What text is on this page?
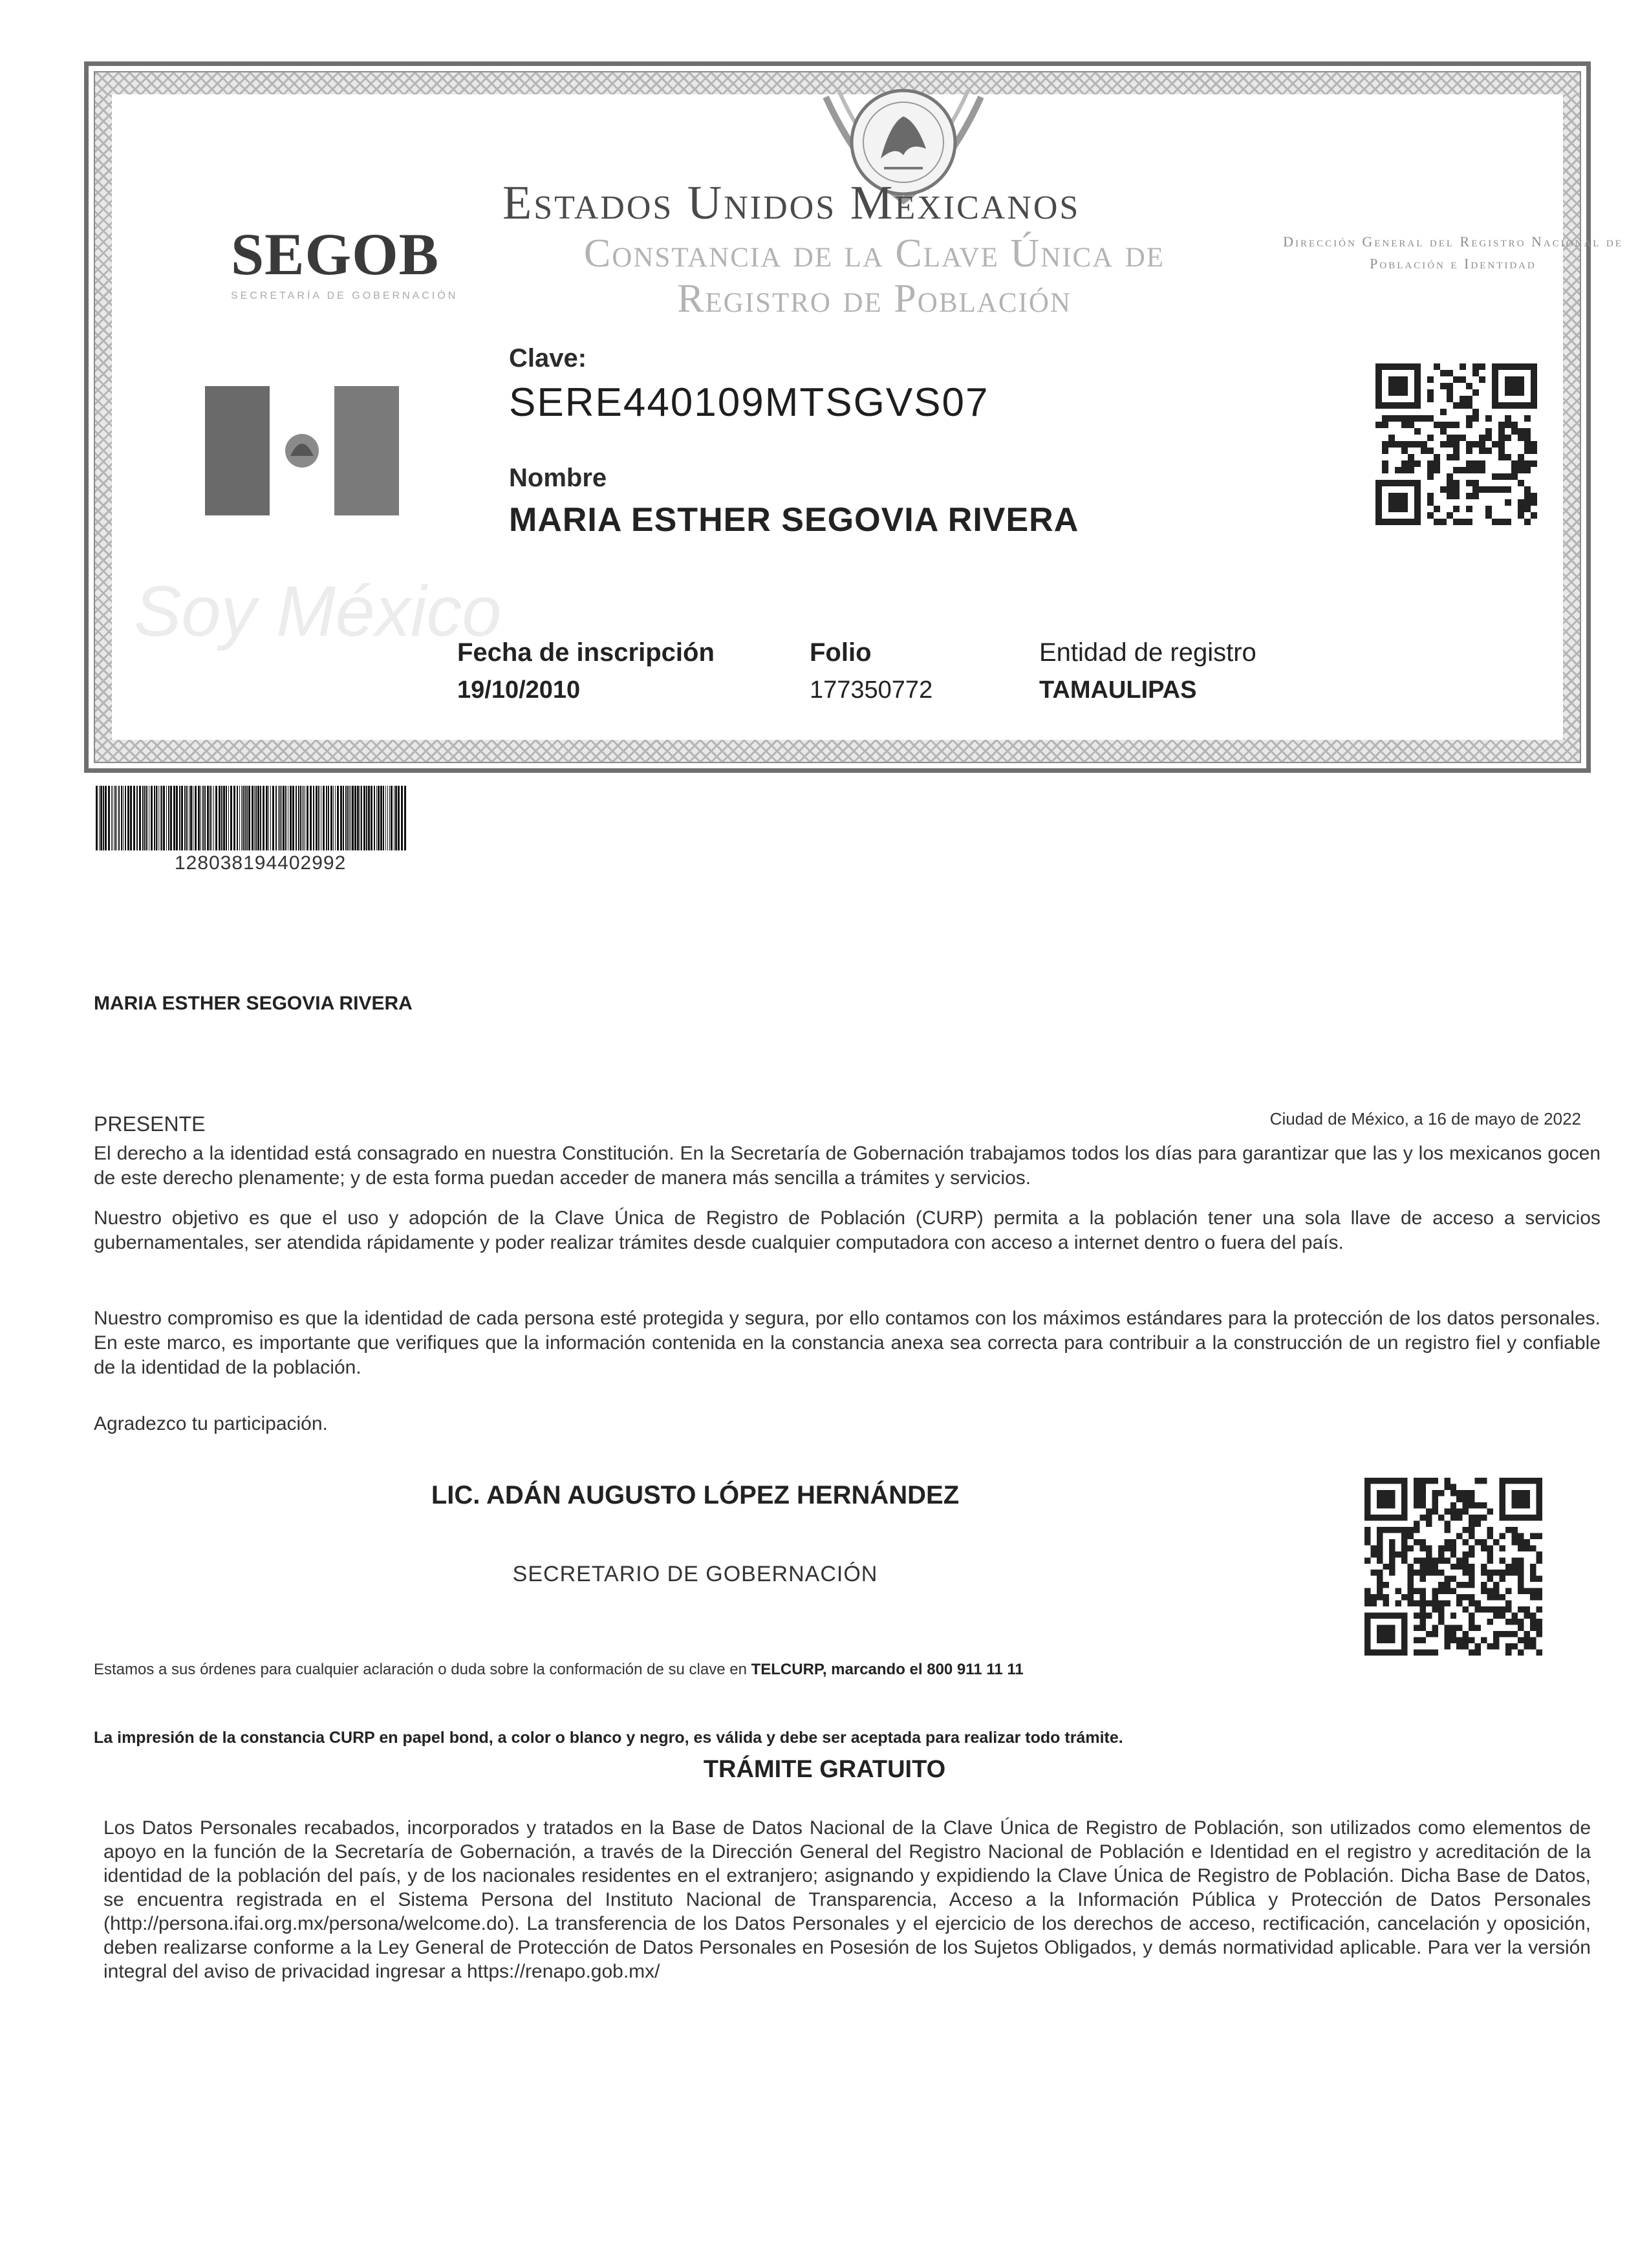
Estados Unidos Mexicanos
Constancia de la Clave Única de Registro de Población
SEGOB
SECRETARÍA DE GOBERNACIÓN
Dirección General del Registro Nacional de Población e Identidad
Clave:
SERE440109MTSGVS07
Nombre
MARIA ESTHER SEGOVIA RIVERA
Soy México
Fecha de inscripción
19/10/2010
Folio
177350772
Entidad de registro
TAMAULIPAS
128038194402992
MARIA ESTHER SEGOVIA RIVERA
PRESENTE	Ciudad de México, a 16 de mayo de 2022
El derecho a la identidad está consagrado en nuestra Constitución. En la Secretaría de Gobernación trabajamos todos los días para garantizar que las y los mexicanos gocen de este derecho plenamente; y de esta forma puedan acceder de manera más sencilla a trámites y servicios.
Nuestro objetivo es que el uso y adopción de la Clave Única de Registro de Población (CURP) permita a la población tener una sola llave de acceso a servicios gubernamentales, ser atendida rápidamente y poder realizar trámites desde cualquier computadora con acceso a internet dentro o fuera del país.
Nuestro compromiso es que la identidad de cada persona esté protegida y segura, por ello contamos con los máximos estándares para la protección de los datos personales. En este marco, es importante que verifiques que la información contenida en la constancia anexa sea correcta para contribuir a la construcción de un registro fiel y confiable de la identidad de la población.
Agradezco tu participación.
LIC. ADÁN AUGUSTO LÓPEZ HERNÁNDEZ
SECRETARIO DE GOBERNACIÓN
Estamos a sus órdenes para cualquier aclaración o duda sobre la conformación de su clave en TELCURP, marcando el 800 911 11 11
La impresión de la constancia CURP en papel bond, a color o blanco y negro, es válida y debe ser aceptada para realizar todo trámite.
TRÁMITE GRATUITO
Los Datos Personales recabados, incorporados y tratados en la Base de Datos Nacional de la Clave Única de Registro de Población, son utilizados como elementos de apoyo en la función de la Secretaría de Gobernación, a través de la Dirección General del Registro Nacional de Población e Identidad en el registro y acreditación de la identidad de la población del país, y de los nacionales residentes en el extranjero; asignando y expidiendo la Clave Única de Registro de Población. Dicha Base de Datos, se encuentra registrada en el Sistema Persona del Instituto Nacional de Transparencia, Acceso a la Información Pública y Protección de Datos Personales (http://persona.ifai.org.mx/persona/welcome.do). La transferencia de los Datos Personales y el ejercicio de los derechos de acceso, rectificación, cancelación y oposición, deben realizarse conforme a la Ley General de Protección de Datos Personales en Posesión de los Sujetos Obligados, y demás normatividad aplicable. Para ver la versión integral del aviso de privacidad ingresar a https://renapo.gob.mx/
